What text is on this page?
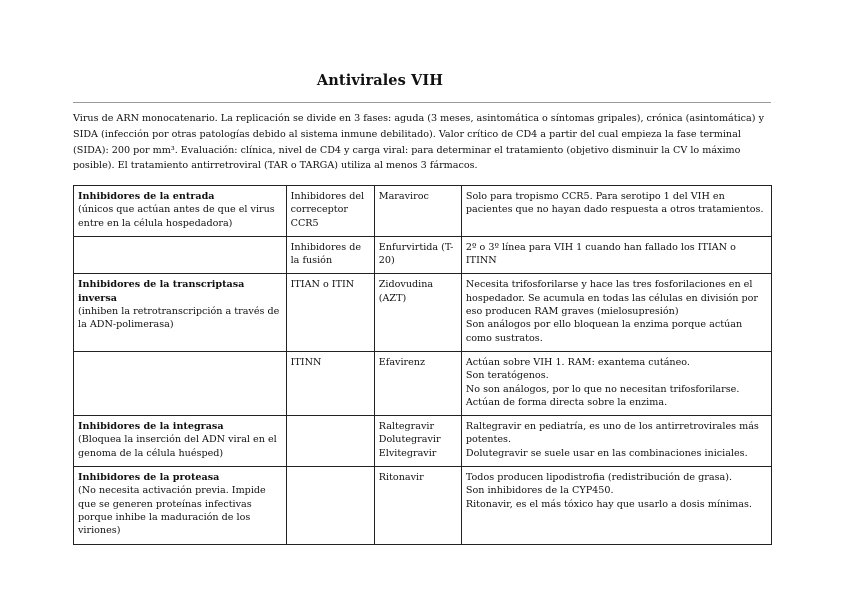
Antivirales VIH
Virus de ARN monocatenario. La replicación se divide en 3 fases: aguda (3 meses, asintomática o síntomas gripales), crónica (asintomática) y SIDA (infección por otras patologías debido al sistema inmune debilitado). Valor crítico de CD4 a partir del cual empieza la fase terminal (SIDA): 200 por mm³. Evaluación: clínica, nivel de CD4 y carga viral: para determinar el tratamiento (objetivo disminuir la CV lo máximo posible). El tratamiento antirretroviral (TAR o TARGA) utiliza al menos 3 fármacos.
Inhibidores de la entrada
(únicos que actúan antes de que el virus entre en la célula hospedadora)	Inhibidores del correceptor CCR5	Maraviroc	Solo para tropismo CCR5. Para serotipo 1 del VIH en pacientes que no hayan dado respuesta a otros tratamientos.

	Inhibidores de la fusión	Enfurvirtida (T-20)	2º o 3º línea para VIH 1 cuando han fallado los ITIAN o ITINN

Inhibidores de la transcriptasa inversa
(inhiben la retrotranscripción a través de la ADN-polimerasa)	ITIAN o ITIN	Zidovudina (AZT)	Necesita trifosforilarse y hace las tres fosforilaciones en el hospedador. Se acumula en todas las células en división por eso producen RAM graves (mielosupresión)
Son análogos por ello bloquean la enzima porque actúan como sustratos.

	ITINN	Efavirenz	Actúan sobre VIH 1. RAM: exantema cutáneo.
Son teratógenos.
No son análogos, por lo que no necesitan trifosforilarse.
Actúan de forma directa sobre la enzima.

Inhibidores de la integrasa
(Bloquea la inserción del ADN viral en el genoma de la célula huésped)		Raltegravir
Dolutegravir
Elvitegravir	Raltegravir en pediatría, es uno de los antirretrovirales más potentes.
Dolutegravir se suele usar en las combinaciones iniciales.

Inhibidores de la proteasa
(No necesita activación previa. Impide que se generen proteínas infectivas porque inhibe la maduración de los viriones)		Ritonavir	Todos producen lipodistrofia (redistribución de grasa).
Son inhibidores de la CYP450.
Ritonavir, es el más tóxico hay que usarlo a dosis mínimas.
